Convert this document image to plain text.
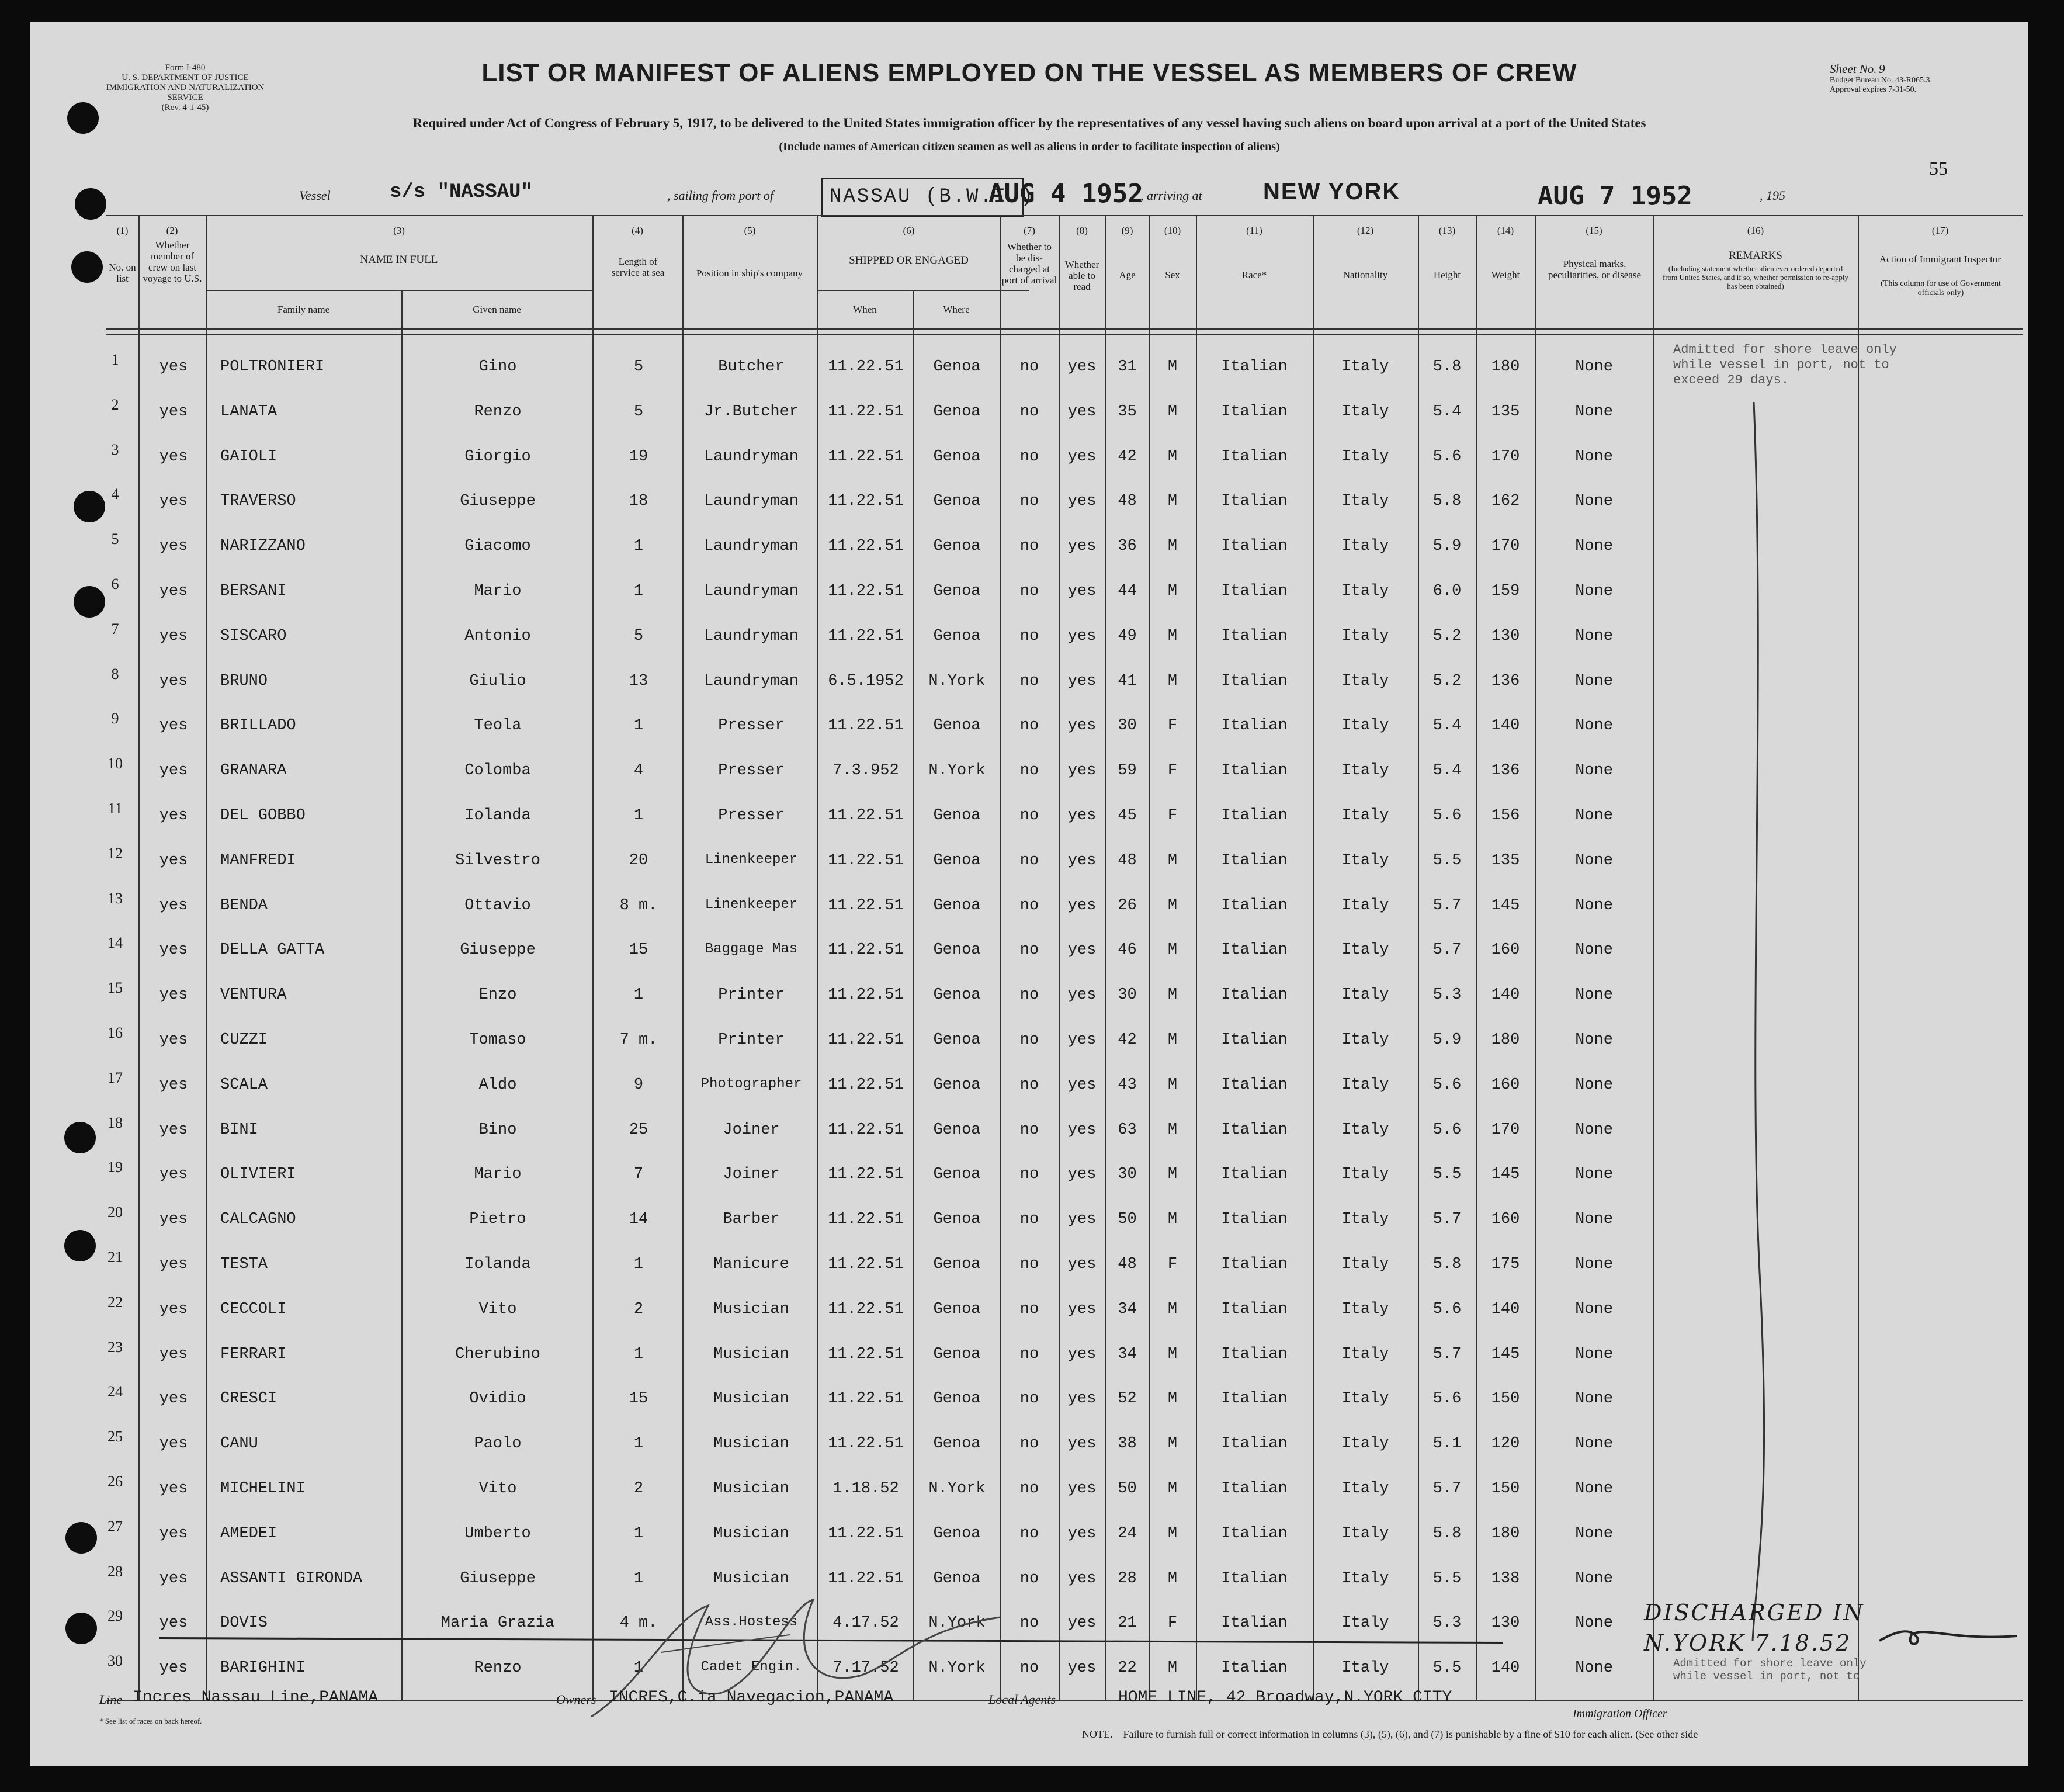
Form I-480
U. S. DEPARTMENT OF JUSTICE
IMMIGRATION AND NATURALIZATION SERVICE
(Rev. 4-1-45)
LIST OR MANIFEST OF ALIENS EMPLOYED ON THE VESSEL AS MEMBERS OF CREW	Sheet No. 9
Budget Bureau No. 43-R065.3.
Approval expires 7-31-50.
Required under Act of Congress of February 5, 1917, to be delivered to the United States immigration officer by the representatives of any vessel having such aliens on board upon arrival at a port of the United States
(Include names of American citizen seamen as well as aliens in order to facilitate inspection of aliens)
55
Vessel	s/s "NASSAU"	, sailing from port of	NASSAU (B.W.I.)
AUG 4 1952
, arriving at	NEW YORK	AUG 7 1952	, 195
(1)	(2)	(3)	(4)	(5)	(6)	(7)	(8)	(9)	(10)	(11)	(12)	(13)	(14)	(15)	(16)	(17)
No. on list
Whether member of crew on last voyage to U.S.
NAME IN FULL
Family name	Given name
Length of service at sea	Position in ship's company
SHIPPED OR ENGAGED
When	Where
Whether to be dis-charged at port of arrival
Whether able to read
Age	Sex	Race*	Nationality	Height	Weight
Physical marks, peculiarities, or disease
REMARKS
(Including statement whether alien ever ordered deported from United States, and if so, whether permission to re-apply has been obtained)
Action of Immigrant Inspector
(This column for use of Government officials only)
1	yes	POLTRONIERI	Gino	5	Butcher	11.22.51	Genoa	no	yes	31	M	Italian	Italy	5.8	180	None
2	yes	LANATA	Renzo	5	Jr.Butcher	11.22.51	Genoa	no	yes	35	M	Italian	Italy	5.4	135	None
3	yes	GAIOLI	Giorgio	19	Laundryman	11.22.51	Genoa	no	yes	42	M	Italian	Italy	5.6	170	None
4	yes	TRAVERSO	Giuseppe	18	Laundryman	11.22.51	Genoa	no	yes	48	M	Italian	Italy	5.8	162	None
5	yes	NARIZZANO	Giacomo	1	Laundryman	11.22.51	Genoa	no	yes	36	M	Italian	Italy	5.9	170	None
6	yes	BERSANI	Mario	1	Laundryman	11.22.51	Genoa	no	yes	44	M	Italian	Italy	6.0	159	None
7	yes	SISCARO	Antonio	5	Laundryman	11.22.51	Genoa	no	yes	49	M	Italian	Italy	5.2	130	None
8	yes	BRUNO	Giulio	13	Laundryman	6.5.1952	N.York	no	yes	41	M	Italian	Italy	5.2	136	None
9	yes	BRILLADO	Teola	1	Presser	11.22.51	Genoa	no	yes	30	F	Italian	Italy	5.4	140	None
10	yes	GRANARA	Colomba	4	Presser	7.3.952	N.York	no	yes	59	F	Italian	Italy	5.4	136	None
11	yes	DEL GOBBO	Iolanda	1	Presser	11.22.51	Genoa	no	yes	45	F	Italian	Italy	5.6	156	None
12	yes	MANFREDI	Silvestro	20	Linenkeeper	11.22.51	Genoa	no	yes	48	M	Italian	Italy	5.5	135	None
13	yes	BENDA	Ottavio	8 m.	Linenkeeper	11.22.51	Genoa	no	yes	26	M	Italian	Italy	5.7	145	None
14	yes	DELLA GATTA	Giuseppe	15	Baggage Mas	11.22.51	Genoa	no	yes	46	M	Italian	Italy	5.7	160	None
15	yes	VENTURA	Enzo	1	Printer	11.22.51	Genoa	no	yes	30	M	Italian	Italy	5.3	140	None
16	yes	CUZZI	Tomaso	7 m.	Printer	11.22.51	Genoa	no	yes	42	M	Italian	Italy	5.9	180	None
17	yes	SCALA	Aldo	9	Photographer	11.22.51	Genoa	no	yes	43	M	Italian	Italy	5.6	160	None
18	yes	BINI	Bino	25	Joiner	11.22.51	Genoa	no	yes	63	M	Italian	Italy	5.6	170	None
19	yes	OLIVIERI	Mario	7	Joiner	11.22.51	Genoa	no	yes	30	M	Italian	Italy	5.5	145	None
20	yes	CALCAGNO	Pietro	14	Barber	11.22.51	Genoa	no	yes	50	M	Italian	Italy	5.7	160	None
21	yes	TESTA	Iolanda	1	Manicure	11.22.51	Genoa	no	yes	48	F	Italian	Italy	5.8	175	None
22	yes	CECCOLI	Vito	2	Musician	11.22.51	Genoa	no	yes	34	M	Italian	Italy	5.6	140	None
23	yes	FERRARI	Cherubino	1	Musician	11.22.51	Genoa	no	yes	34	M	Italian	Italy	5.7	145	None
24	yes	CRESCI	Ovidio	15	Musician	11.22.51	Genoa	no	yes	52	M	Italian	Italy	5.6	150	None
25	yes	CANU	Paolo	1	Musician	11.22.51	Genoa	no	yes	38	M	Italian	Italy	5.1	120	None
26	yes	MICHELINI	Vito	2	Musician	1.18.52	N.York	no	yes	50	M	Italian	Italy	5.7	150	None
27	yes	AMEDEI	Umberto	1	Musician	11.22.51	Genoa	no	yes	24	M	Italian	Italy	5.8	180	None
28	yes	ASSANTI GIRONDA	Giuseppe	1	Musician	11.22.51	Genoa	no	yes	28	M	Italian	Italy	5.5	138	None
29	yes	DOVIS	Maria Grazia	4 m.	Ass.Hostess	4.17.52	N.York	no	yes	21	F	Italian	Italy	5.3	130	None
30	yes	BARIGHINI	Renzo	1	Cadet Engin.	7.17.52	N.York	no	yes	22	M	Italian	Italy	5.5	140	None
Admitted for shore leave only
while vessel in port, not to
exceed 29 days.
DISCHARGED IN
N.YORK 7.18.52
Admitted for shore leave only
while vessel in port, not to
Line Incres Nassau Line,PANAMA	Owners INCRES,C.ia Navegacion,PANAMA	Local Agents	HOME LINE, 42 Broadway,N.YORK CITY
Immigration Officer
* See list of races on back hereof.
NOTE.—Failure to furnish full or correct information in columns (3), (5), (6), and (7) is punishable by a fine of $10 for each alien. (See other side
